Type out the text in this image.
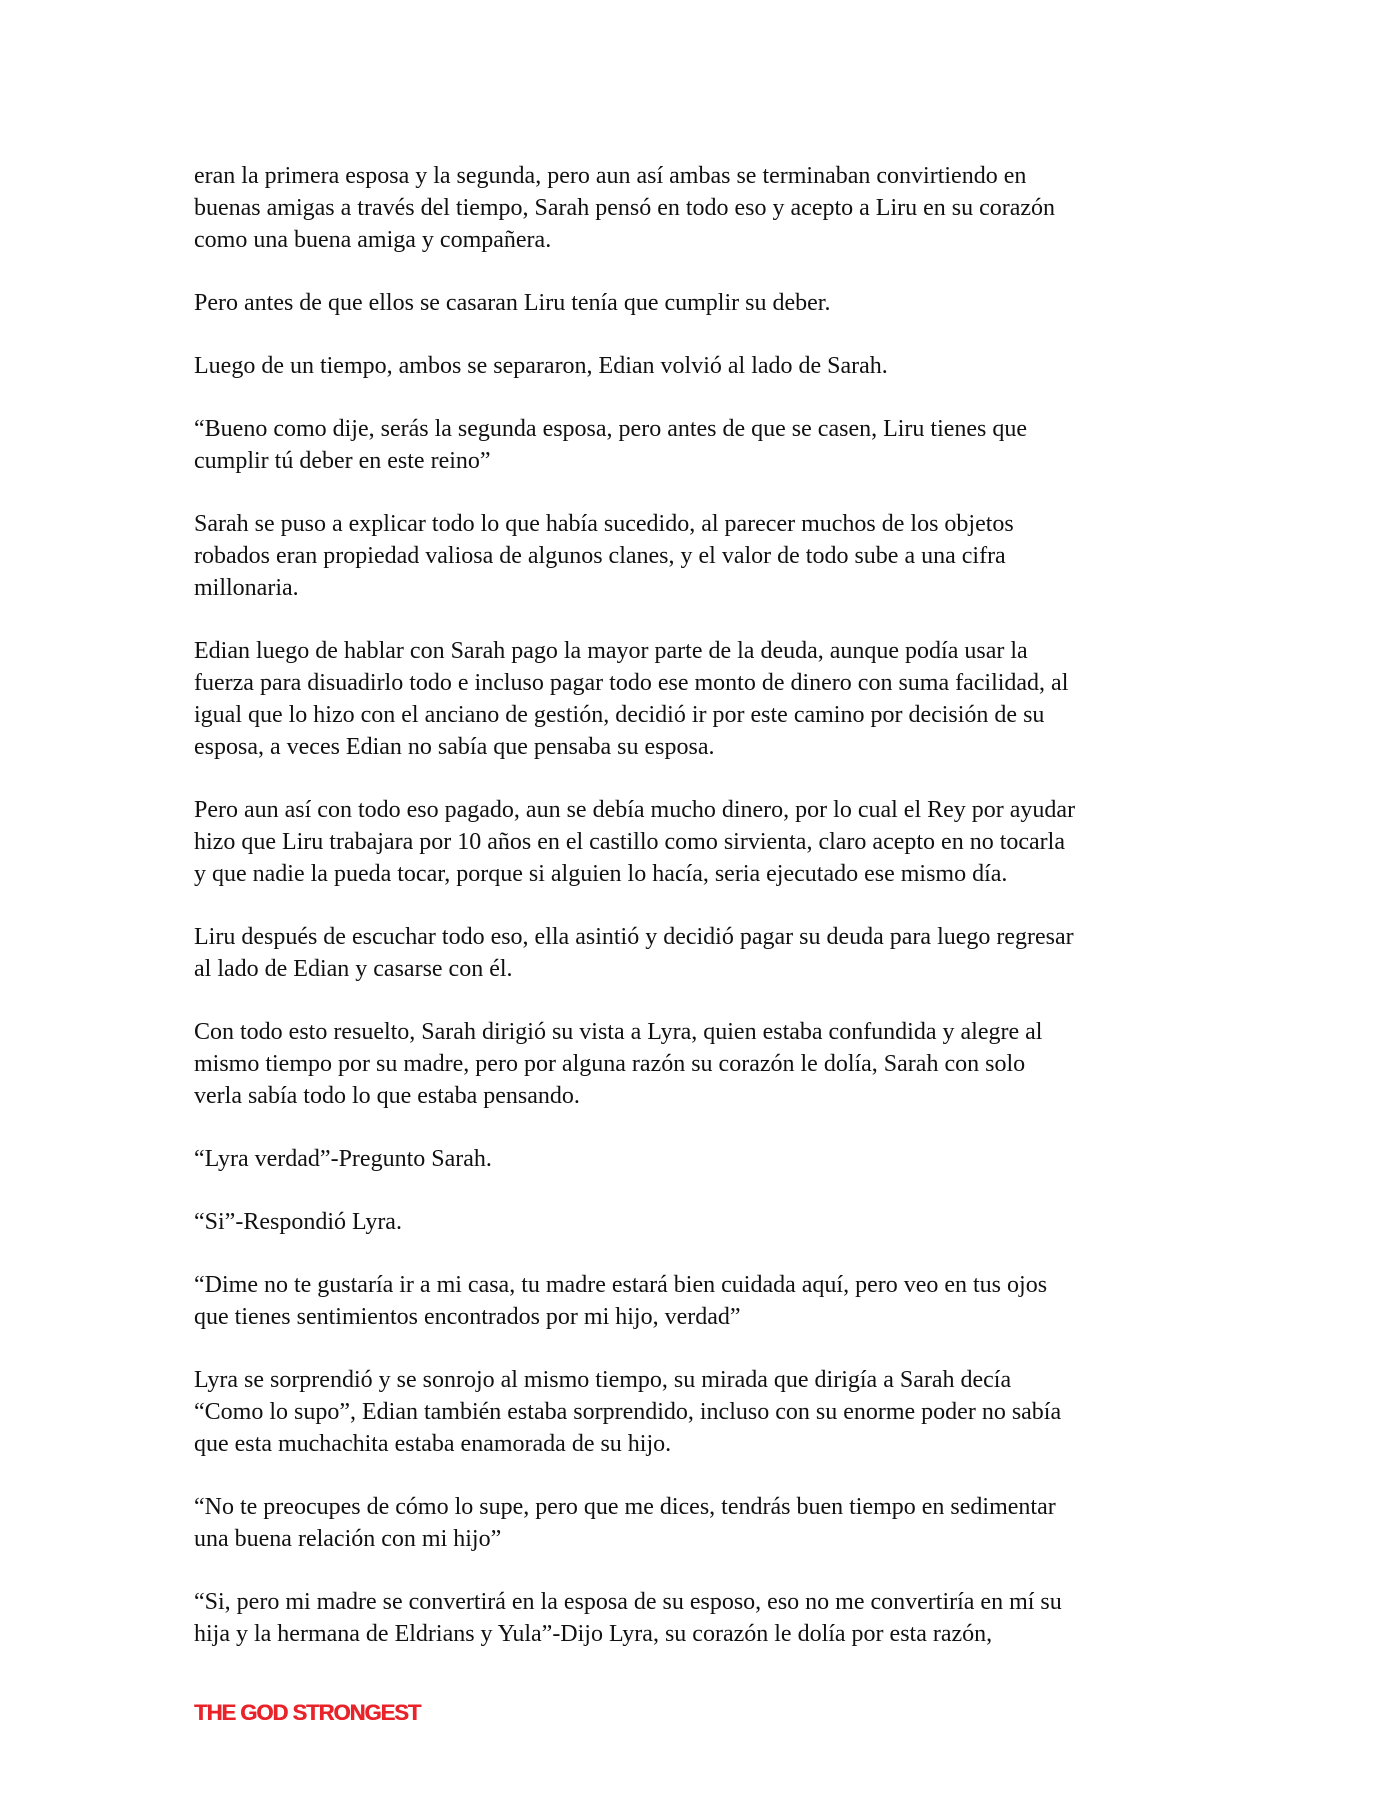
eran la primera esposa y la segunda, pero aun así ambas se terminaban convirtiendo en
buenas amigas a través del tiempo, Sarah pensó en todo eso y acepto a Liru en su corazón
como una buena amiga y compañera.

Pero antes de que ellos se casaran Liru tenía que cumplir su deber.

Luego de un tiempo, ambos se separaron, Edian volvió al lado de Sarah.

“Bueno como dije, serás la segunda esposa, pero antes de que se casen, Liru tienes que
cumplir tú deber en este reino”

Sarah se puso a explicar todo lo que había sucedido, al parecer muchos de los objetos
robados eran propiedad valiosa de algunos clanes, y el valor de todo sube a una cifra
millonaria.

Edian luego de hablar con Sarah pago la mayor parte de la deuda, aunque podía usar la
fuerza para disuadirlo todo e incluso pagar todo ese monto de dinero con suma facilidad, al
igual que lo hizo con el anciano de gestión, decidió ir por este camino por decisión de su
esposa, a veces Edian no sabía que pensaba su esposa.

Pero aun así con todo eso pagado, aun se debía mucho dinero, por lo cual el Rey por ayudar
hizo que Liru trabajara por 10 años en el castillo como sirvienta, claro acepto en no tocarla
y que nadie la pueda tocar, porque si alguien lo hacía, seria ejecutado ese mismo día.

Liru después de escuchar todo eso, ella asintió y decidió pagar su deuda para luego regresar
al lado de Edian y casarse con él.

Con todo esto resuelto, Sarah dirigió su vista a Lyra, quien estaba confundida y alegre al
mismo tiempo por su madre, pero por alguna razón su corazón le dolía, Sarah con solo
verla sabía todo lo que estaba pensando.

“Lyra verdad”-Pregunto Sarah.

“Si”-Respondió Lyra.

“Dime no te gustaría ir a mi casa, tu madre estará bien cuidada aquí, pero veo en tus ojos
que tienes sentimientos encontrados por mi hijo, verdad”

Lyra se sorprendió y se sonrojo al mismo tiempo, su mirada que dirigía a Sarah decía
“Como lo supo”, Edian también estaba sorprendido, incluso con su enorme poder no sabía
que esta muchachita estaba enamorada de su hijo.

“No te preocupes de cómo lo supe, pero que me dices, tendrás buen tiempo en sedimentar
una buena relación con mi hijo”

“Si, pero mi madre se convertirá en la esposa de su esposo, eso no me convertiría en mí su
hija y la hermana de Eldrians y Yula”-Dijo Lyra, su corazón le dolía por esta razón,

THE GOD STRONGEST
